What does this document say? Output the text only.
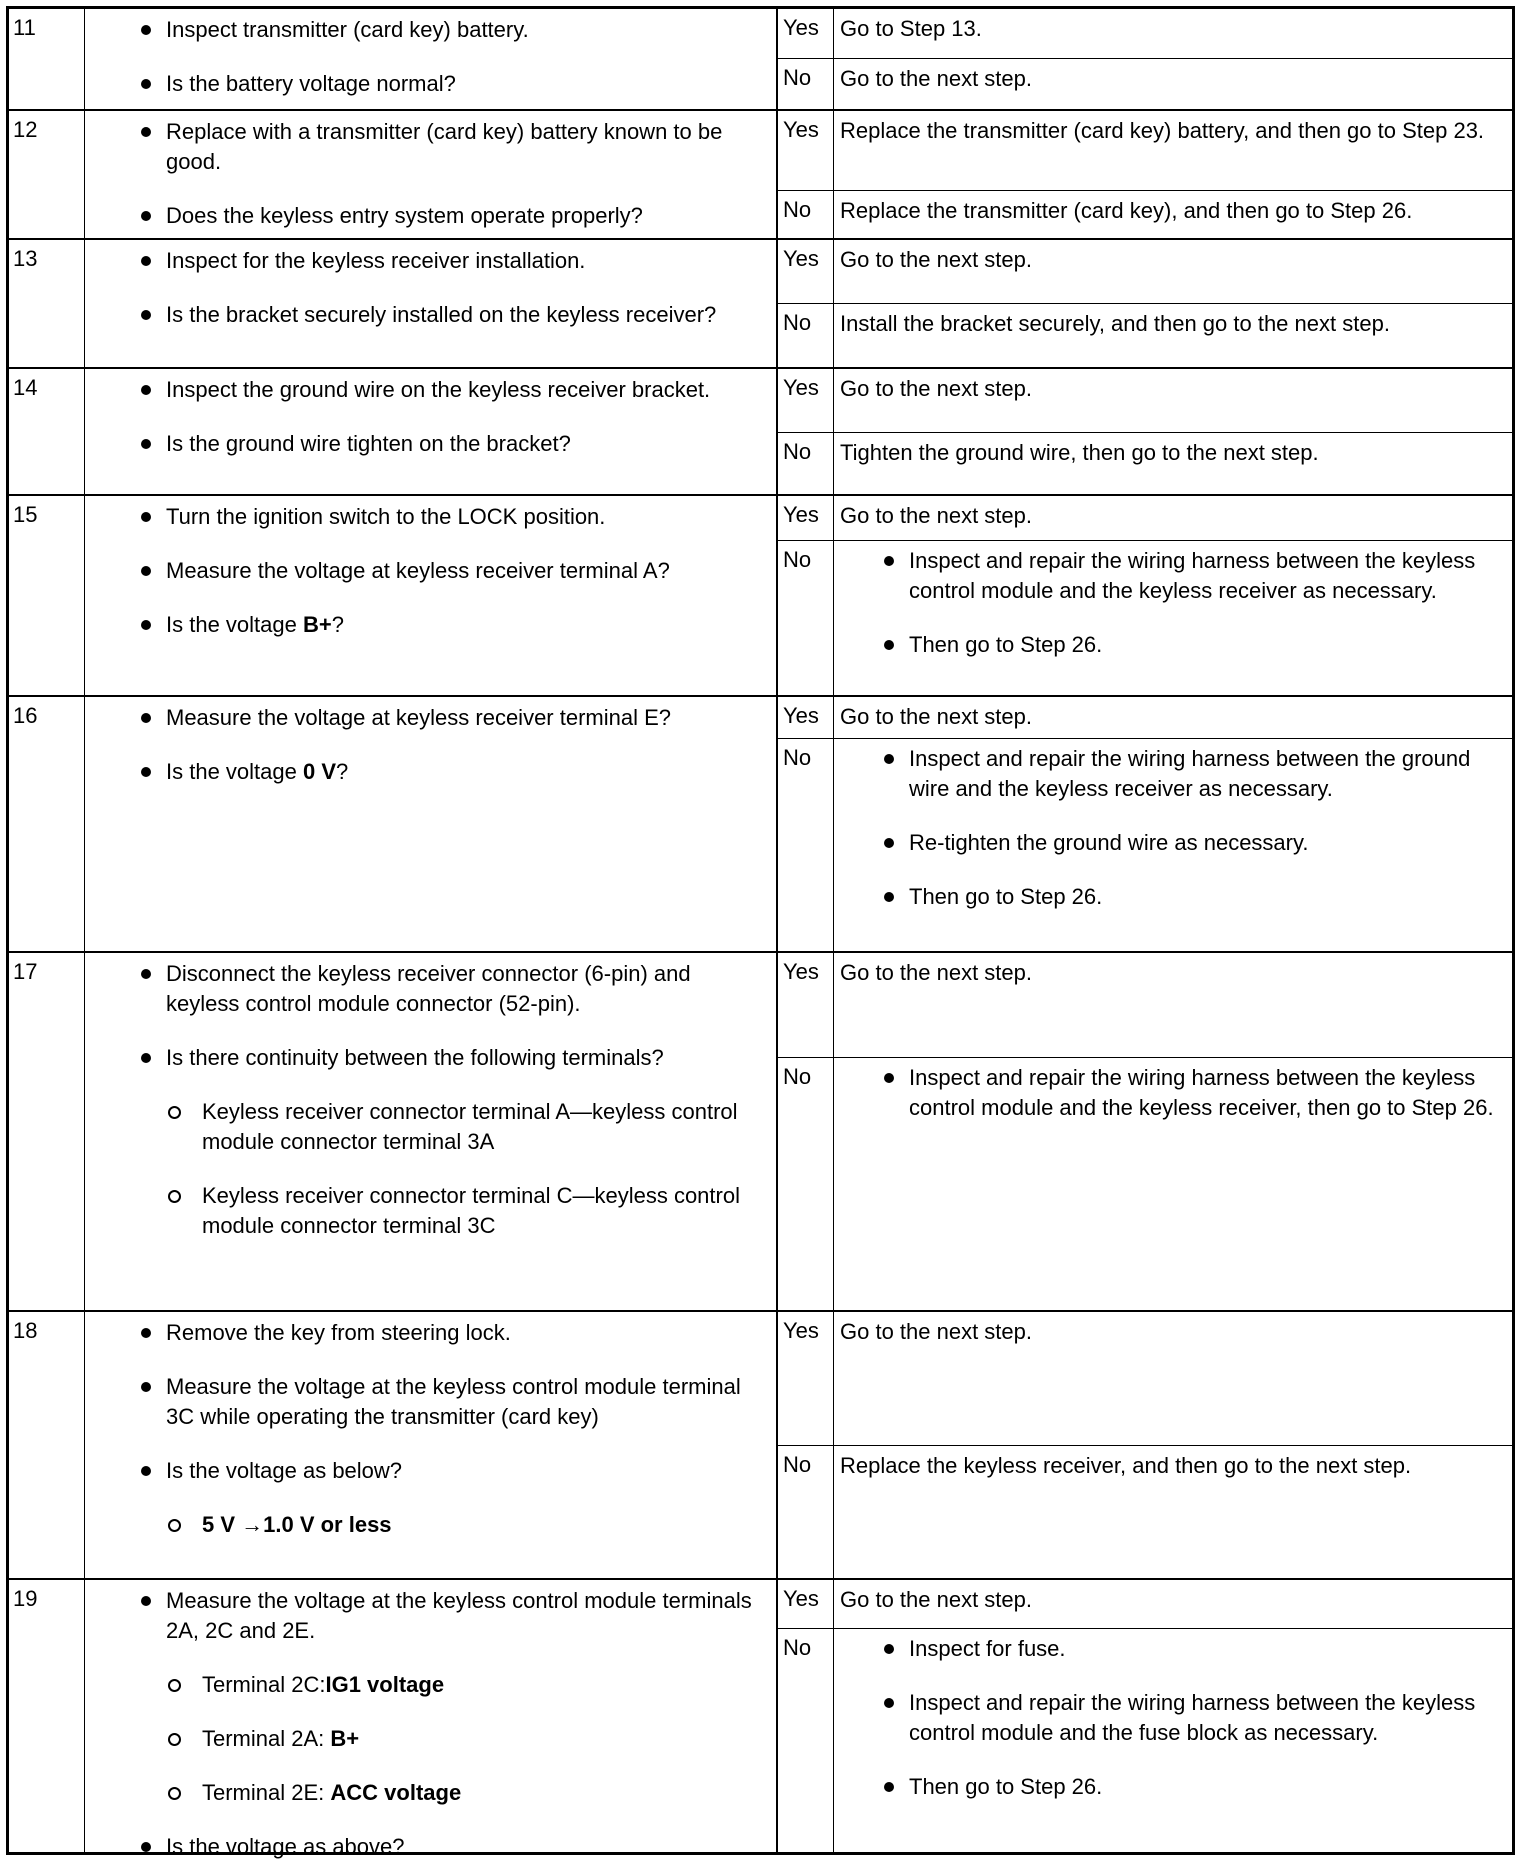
11	Inspect transmitter (card key) battery.
Is the battery voltage normal?
Yes Go to Step 13.
No	Go to the next step.
12	Replace with a transmitter (card key) battery known to be good.
Does the keyless entry system operate properly?
Yes Replace the transmitter (card key) battery, and then go to Step 23.
No	Replace the transmitter (card key), and then go to Step 26.
13	Inspect for the keyless receiver installation.
Is the bracket securely installed on the keyless receiver?
Yes Go to the next step.
No	Install the bracket securely, and then go to the next step.
14	Inspect the ground wire on the keyless receiver bracket.
Is the ground wire tighten on the bracket?
Yes Go to the next step.
No	Tighten the ground wire, then go to the next step.
15	Turn the ignition switch to the LOCK position.
Measure the voltage at keyless receiver terminal A?
Is the voltage B+?
Yes Go to the next step.
No	Inspect and repair the wiring harness between the keyless control module and the keyless receiver as necessary.
Then go to Step 26.
16	Measure the voltage at keyless receiver terminal E?
Is the voltage 0 V?
Yes Go to the next step.
No	Inspect and repair the wiring harness between the ground wire and the keyless receiver as necessary.
Re-tighten the ground wire as necessary.
Then go to Step 26.
17	Disconnect the keyless receiver connector (6-pin) and keyless control module connector (52-pin).
Is there continuity between the following terminals?
Keyless receiver connector terminal A—keyless control module connector terminal 3A
Keyless receiver connector terminal C—keyless control module connector terminal 3C
Yes Go to the next step.
No	Inspect and repair the wiring harness between the keyless control module and the keyless receiver, then go to Step 26.
18	Remove the key from steering lock.
Measure the voltage at the keyless control module terminal 3C while operating the transmitter (card key)
Is the voltage as below?
5 V →1.0 V or less
Yes Go to the next step.
No	Replace the keyless receiver, and then go to the next step.
19	Measure the voltage at the keyless control module terminals 2A, 2C and 2E.
Terminal 2C:IG1 voltage
Terminal 2A: B+
Terminal 2E: ACC voltage
Is the voltage as above?
Yes Go to the next step.
No	Inspect for fuse.
Inspect and repair the wiring harness between the keyless control module and the fuse block as necessary.
Then go to Step 26.
